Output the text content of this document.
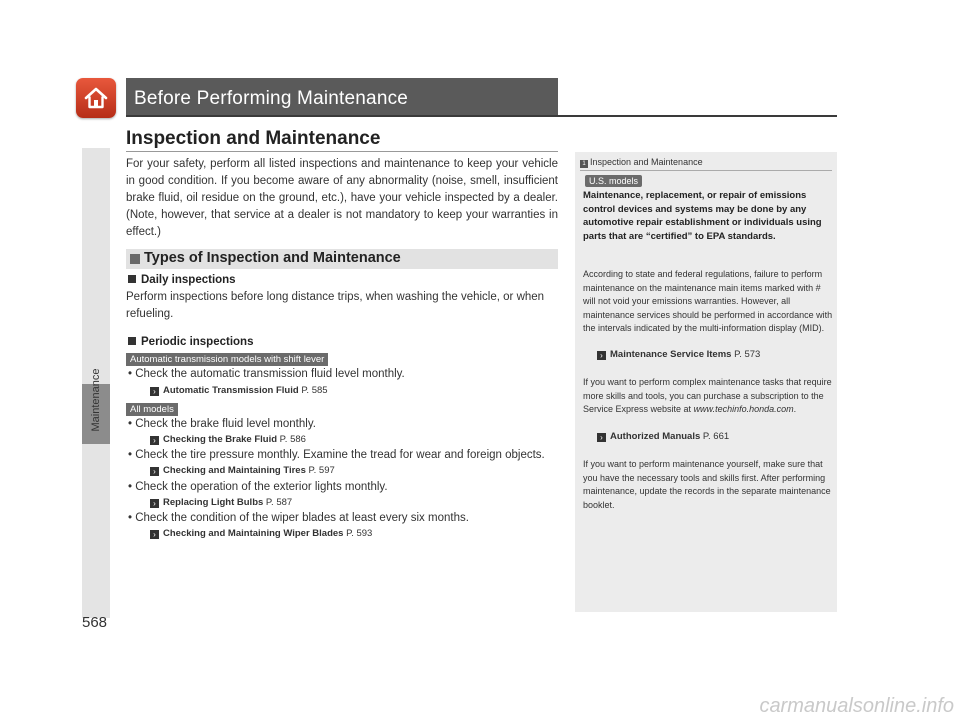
Before Performing Maintenance
Maintenance
568
Inspection and Maintenance
For your safety, perform all listed inspections and maintenance to keep your vehicle in good condition. If you become aware of any abnormality (noise, smell, insufficient brake fluid, oil residue on the ground, etc.), have your vehicle inspected by a dealer. (Note, however, that service at a dealer is not mandatory to keep your warranties in effect.)
Types of Inspection and Maintenance
Daily inspections
Perform inspections before long distance trips, when washing the vehicle, or when refueling.
Periodic inspections
Automatic transmission models with shift lever
• Check the automatic transmission fluid level monthly.
› Automatic Transmission Fluid P. 585
All models
• Check the brake fluid level monthly.
› Checking the Brake Fluid P. 586
• Check the tire pressure monthly. Examine the tread for wear and foreign objects.
› Checking and Maintaining Tires P. 597
• Check the operation of the exterior lights monthly.
› Replacing Light Bulbs P. 587
• Check the condition of the wiper blades at least every six months.
› Checking and Maintaining Wiper Blades P. 593
1 Inspection and Maintenance
U.S. models
Maintenance, replacement, or repair of emissions control devices and systems may be done by any automotive repair establishment or individuals using parts that are “certified” to EPA standards.
According to state and federal regulations, failure to perform maintenance on the maintenance main items marked with # will not void your emissions warranties. However, all maintenance services should be performed in accordance with the intervals indicated by the multi-information display (MID).
› Maintenance Service Items P. 573
If you want to perform complex maintenance tasks that require more skills and tools, you can purchase a subscription to the Service Express website at www.techinfo.honda.com.
› Authorized Manuals P. 661
If you want to perform maintenance yourself, make sure that you have the necessary tools and skills first. After performing maintenance, update the records in the separate maintenance booklet.
carmanualsonline.info
